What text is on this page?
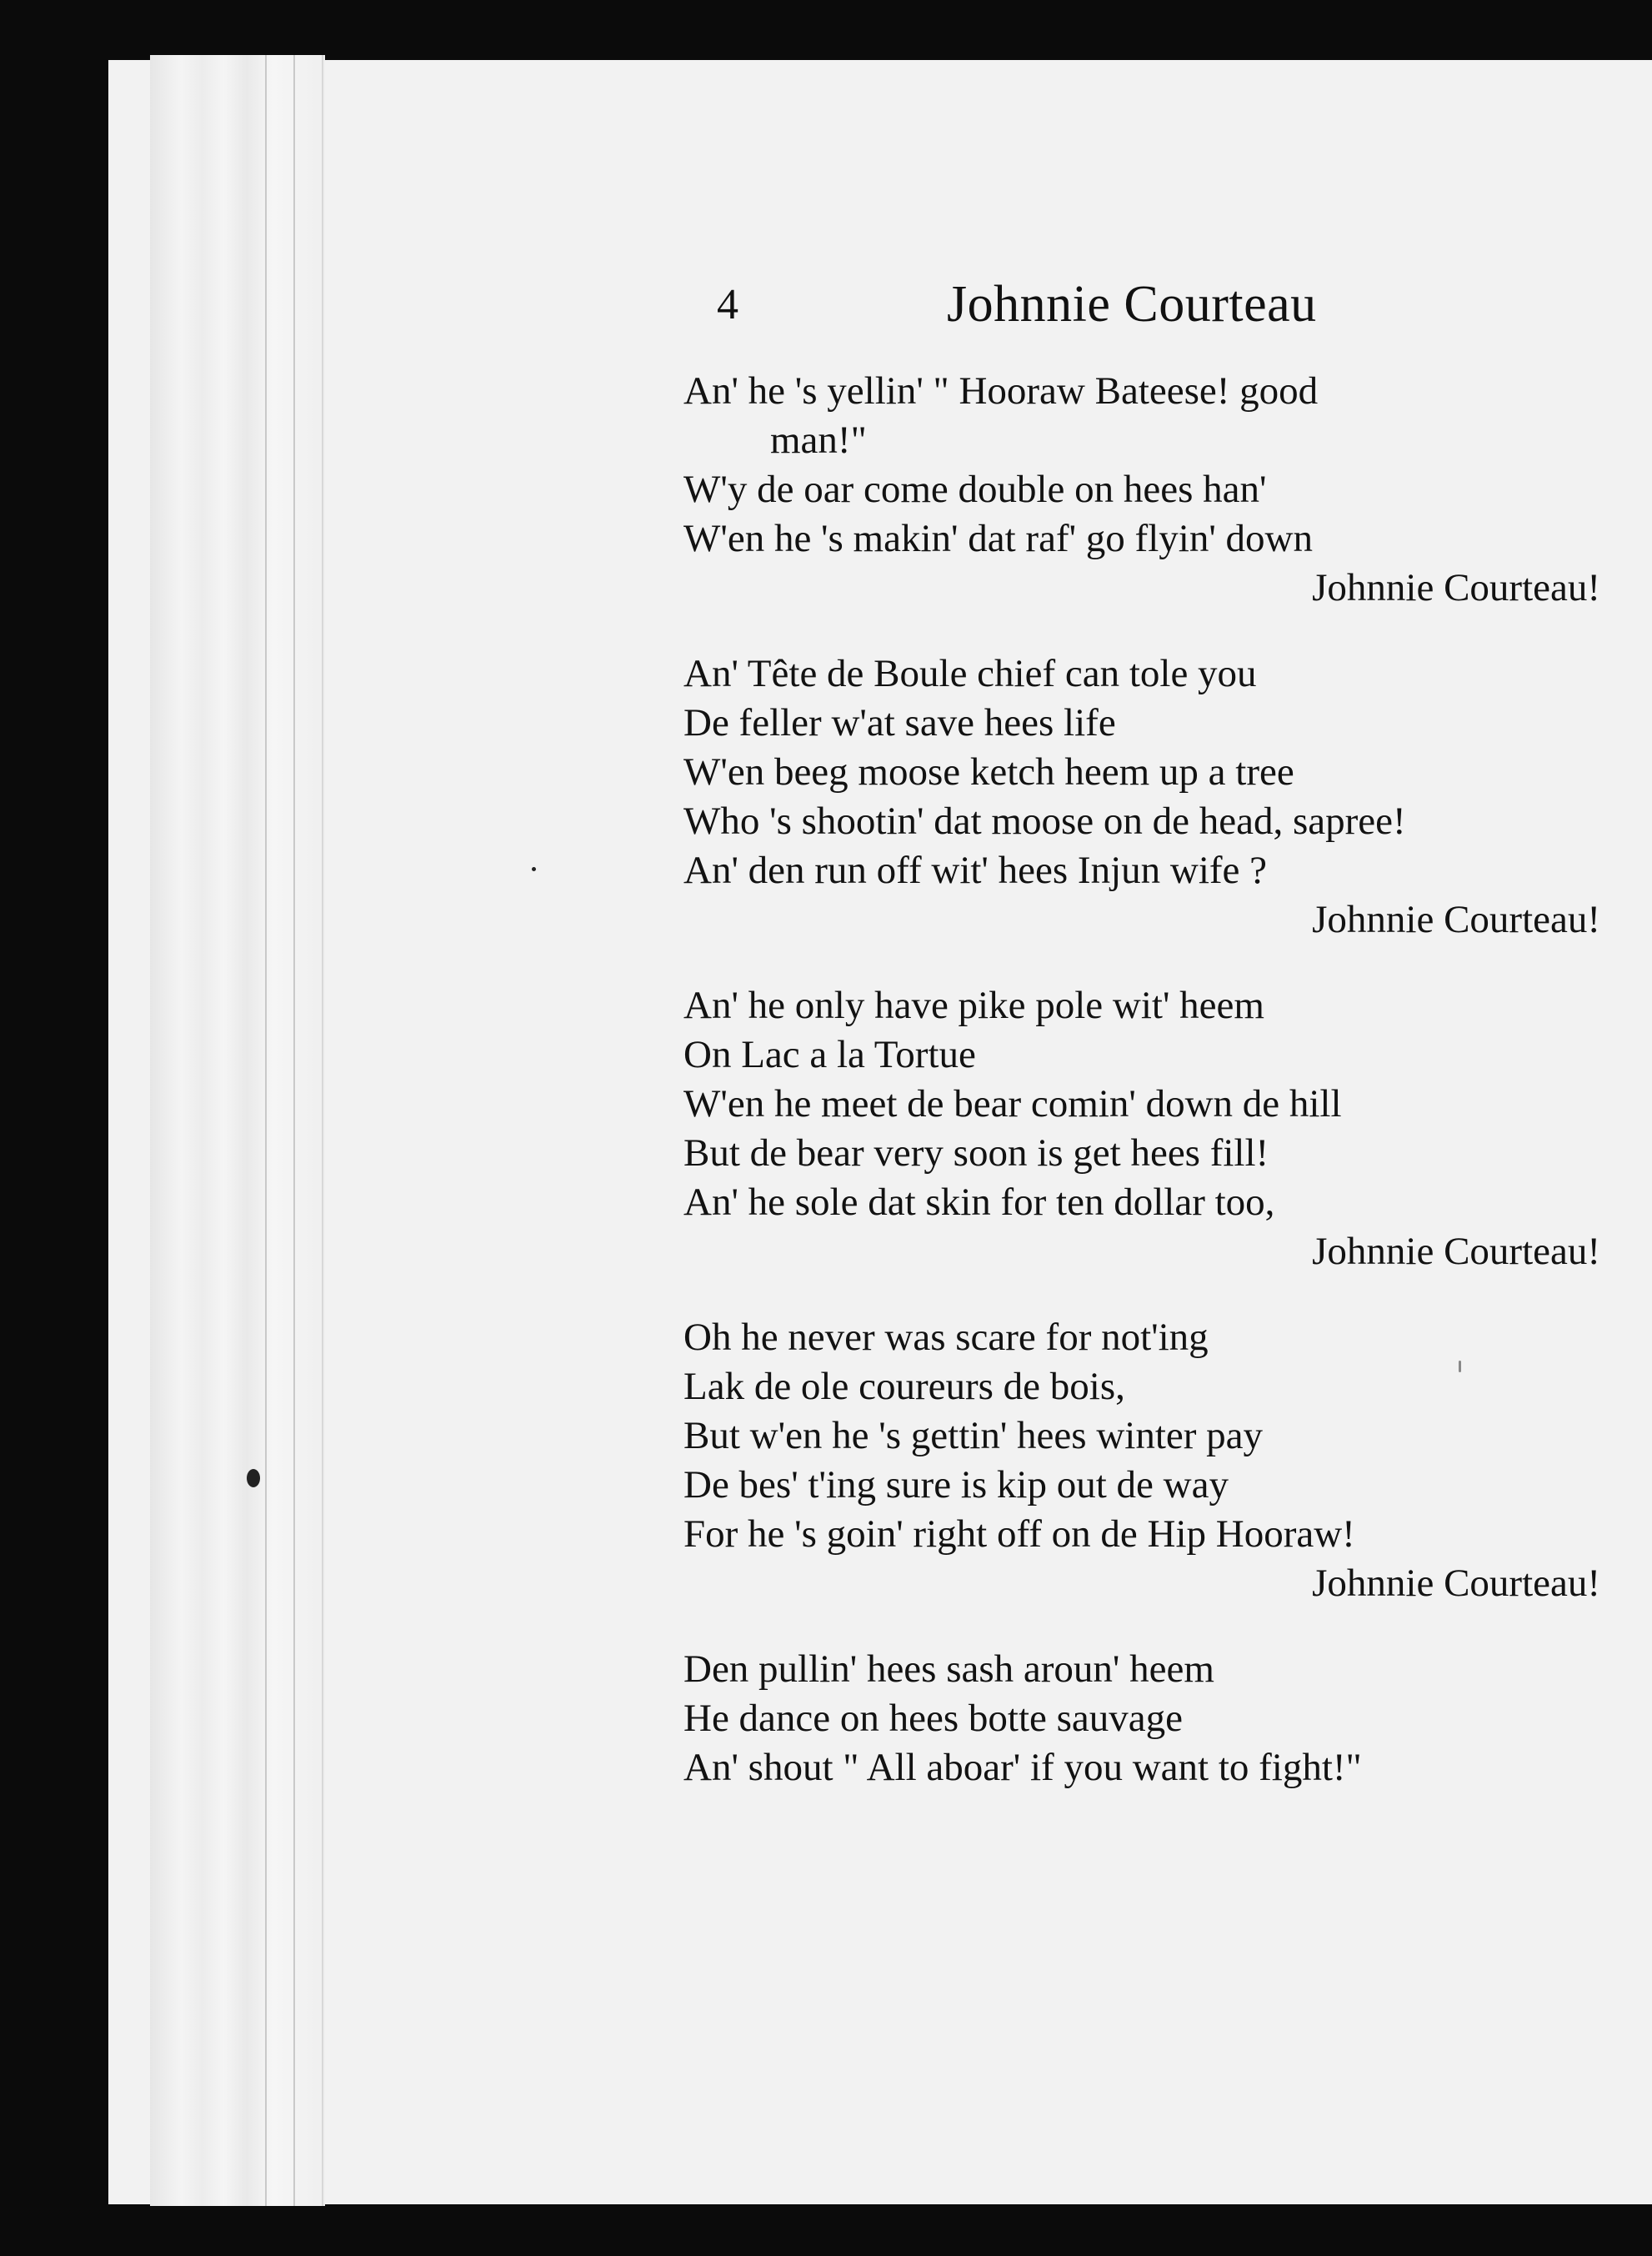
4	Johnnie Courteau
An' he 's yellin' " Hooraw Bateese! good
man!"
W'y de oar come double on hees han'
W'en he 's makin' dat raf' go flyin' down
Johnnie Courteau!
An' Tête de Boule chief can tole you
De feller w'at save hees life
W'en beeg moose ketch heem up a tree
Who 's shootin' dat moose on de head, sapree!
An' den run off wit' hees Injun wife ?
Johnnie Courteau!
An' he only have pike pole wit' heem
On Lac a la Tortue
W'en he meet de bear comin' down de hill
But de bear very soon is get hees fill!
An' he sole dat skin for ten dollar too,
Johnnie Courteau!
Oh he never was scare for not'ing
Lak de ole coureurs de bois,
But w'en he 's gettin' hees winter pay
De bes' t'ing sure is kip out de way
For he 's goin' right off on de Hip Hooraw!
Johnnie Courteau!
Den pullin' hees sash aroun' heem
He dance on hees botte sauvage
An' shout " All aboar' if you want to fight!"
